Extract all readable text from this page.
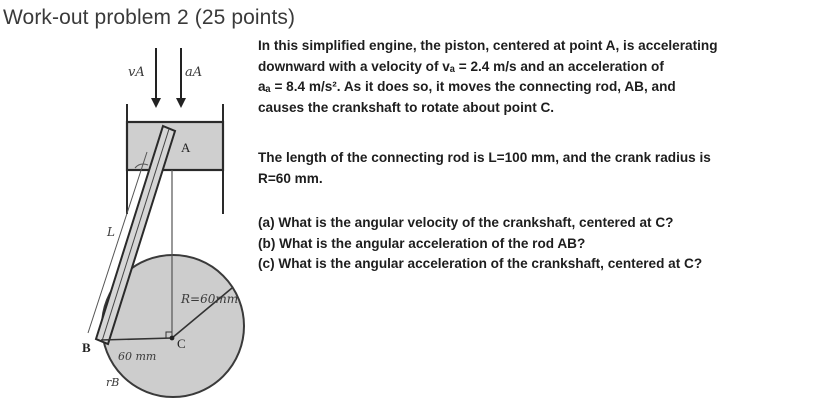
Work-out problem 2 (25 points)
vA	aA
L
A
B	C
R=60mm
60 mm
rB
In this simplified engine, the piston, centered at point A, is accelerating
downward with a velocity of vₐ = 2.4 m/s and an acceleration of
aₐ = 8.4 m/s². As it does so, it moves the connecting rod, AB, and
causes the crankshaft to rotate about point C.
The length of the connecting rod is L=100 mm, and the crank radius is
R=60 mm.
(a) What is the angular velocity of the crankshaft, centered at C?
(b) What is the angular acceleration of the rod AB?
(c) What is the angular acceleration of the crankshaft, centered at C?
